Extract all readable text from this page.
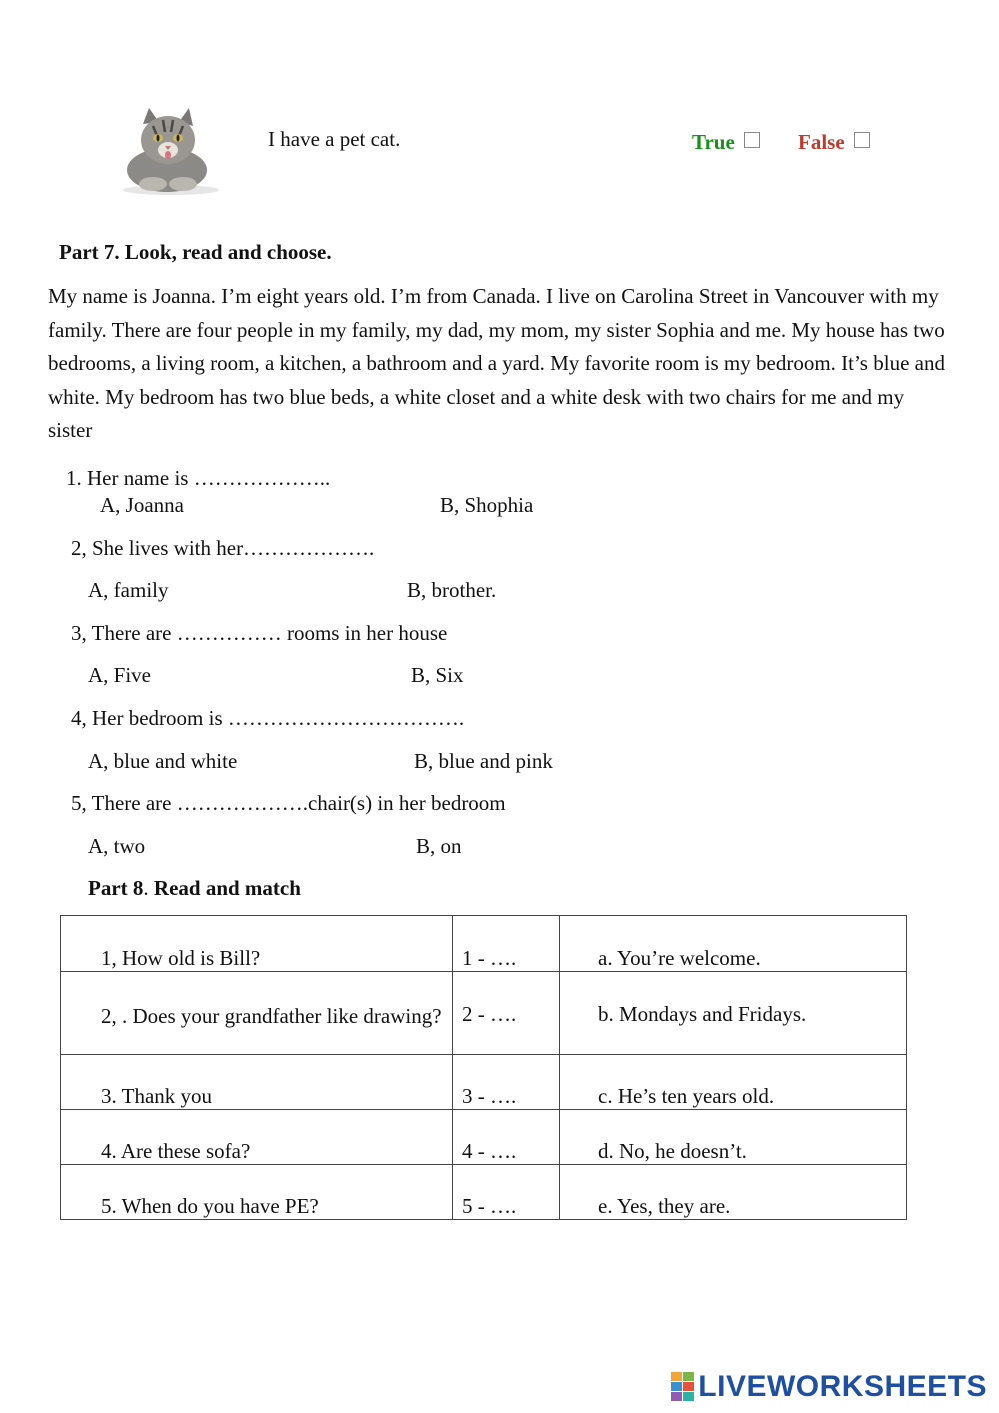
I have a pet cat.	True	False
Part 7. Look, read and choose.
My name is Joanna. I’m eight years old. I’m from Canada. I live on Carolina Street in Vancouver with my family. There are four people in my family, my dad, my mom, my sister Sophia and me. My house has two bedrooms, a living room, a kitchen, a bathroom and a yard. My favorite room is my bedroom. It’s blue and white. My bedroom has two blue beds, a white closet and a white desk with two chairs for me and my sister
1. Her name is ………………..
A, Joanna	B, Shophia
2, She lives with her……………….
A, family	B, brother.
3, There are …………… rooms in her house
A, Five	B, Six
4, Her bedroom is …………………………….
A, blue and white	B, blue and pink
5, There are ……………….chair(s) in her bedroom
A, two	B, on
Part 8. Read and match
1, How old is Bill?	1 - ….	a. You’re welcome.
2, . Does your grandfather like drawing?	2 - ….	b. Mondays and Fridays.
3. Thank you	3 - ….	c. He’s ten years old.
4. Are these sofa?	4 - ….	d. No, he doesn’t.
5. When do you have PE?	5 - ….	e. Yes, they are.
LIVEWORKSHEETS
